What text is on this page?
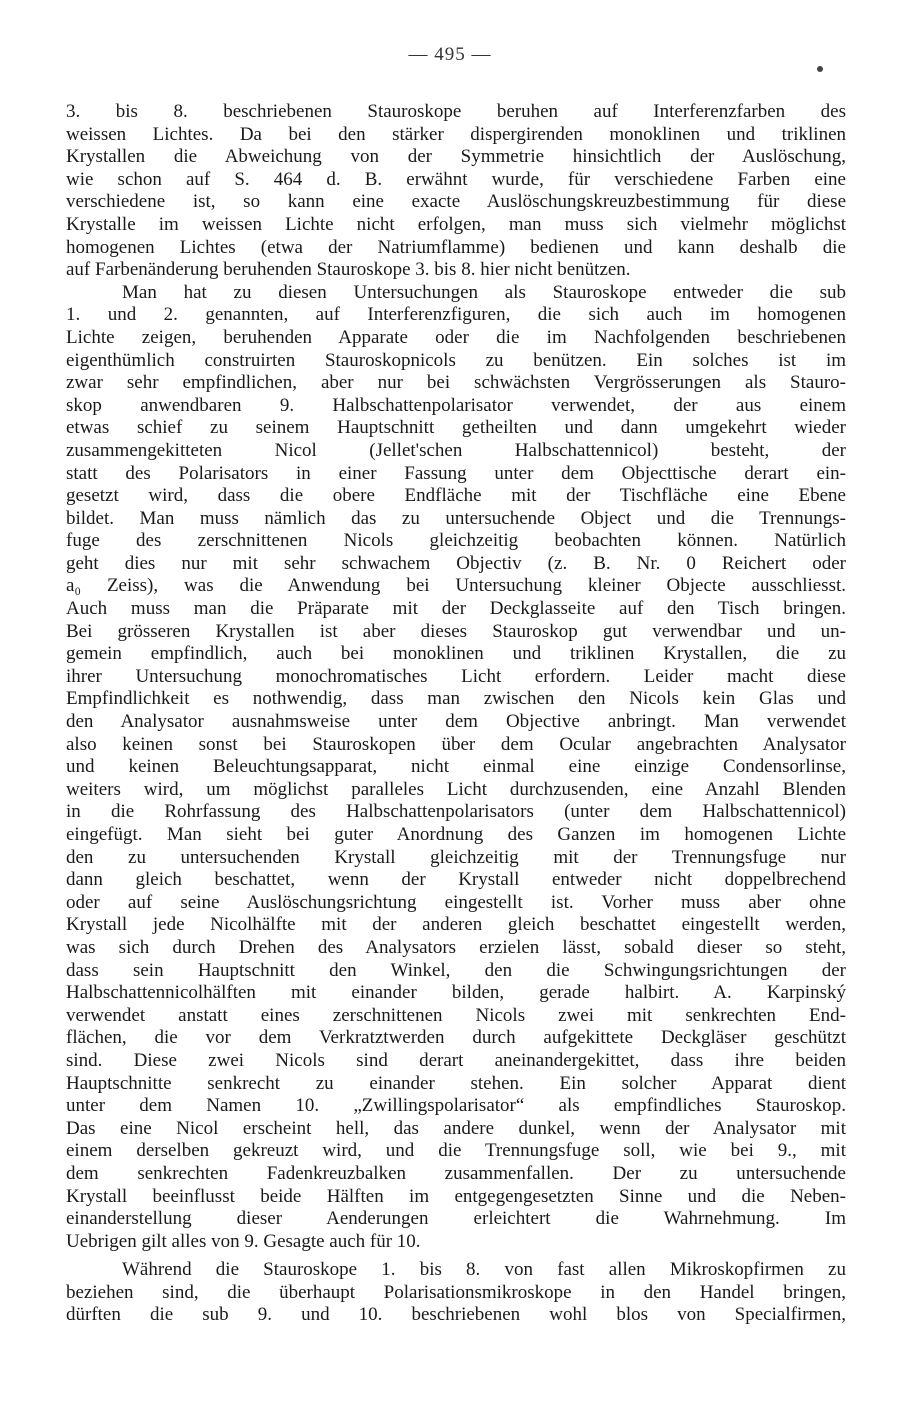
— 495 —
3. bis 8. beschriebenen Stauroskope beruhen auf Interferenzfarben des
weissen Lichtes. Da bei den stärker dispergirenden monoklinen und triklinen
Krystallen die Abweichung von der Symmetrie hinsichtlich der Auslöschung,
wie schon auf S. 464 d. B. erwähnt wurde, für verschiedene Farben eine
verschiedene ist, so kann eine exacte Auslöschungskreuzbestimmung für diese
Krystalle im weissen Lichte nicht erfolgen, man muss sich vielmehr möglichst
homogenen Lichtes (etwa der Natriumflamme) bedienen und kann deshalb die
auf Farbenänderung beruhenden Stauroskope 3. bis 8. hier nicht benützen.
Man hat zu diesen Untersuchungen als Stauroskope entweder die sub
1. und 2. genannten, auf Interferenzfiguren, die sich auch im homogenen
Lichte zeigen, beruhenden Apparate oder die im Nachfolgenden beschriebenen
eigenthümlich construirten Stauroskopnicols zu benützen. Ein solches ist im
zwar sehr empfindlichen, aber nur bei schwächsten Vergrösserungen als Stauro-
skop anwendbaren 9. Halbschattenpolarisator verwendet, der aus einem
etwas schief zu seinem Hauptschnitt getheilten und dann umgekehrt wieder
zusammengekitteten Nicol (Jellet'schen Halbschattennicol) besteht, der
statt des Polarisators in einer Fassung unter dem Objecttische derart ein-
gesetzt wird, dass die obere Endfläche mit der Tischfläche eine Ebene
bildet. Man muss nämlich das zu untersuchende Object und die Trennungs-
fuge des zerschnittenen Nicols gleichzeitig beobachten können. Natürlich
geht dies nur mit sehr schwachem Objectiv (z. B. Nr. 0 Reichert oder
a₀ Zeiss), was die Anwendung bei Untersuchung kleiner Objecte ausschliesst.
Auch muss man die Präparate mit der Deckglasseite auf den Tisch bringen.
Bei grösseren Krystallen ist aber dieses Stauroskop gut verwendbar und un-
gemein empfindlich, auch bei monoklinen und triklinen Krystallen, die zu
ihrer Untersuchung monochromatisches Licht erfordern. Leider macht diese
Empfindlichkeit es nothwendig, dass man zwischen den Nicols kein Glas und
den Analysator ausnahmsweise unter dem Objective anbringt. Man verwendet
also keinen sonst bei Stauroskopen über dem Ocular angebrachten Analysator
und keinen Beleuchtungsapparat, nicht einmal eine einzige Condensorlinse,
weiters wird, um möglichst paralleles Licht durchzusenden, eine Anzahl Blenden
in die Rohrfassung des Halbschattenpolarisators (unter dem Halbschattennicol)
eingefügt. Man sieht bei guter Anordnung des Ganzen im homogenen Lichte
den zu untersuchenden Krystall gleichzeitig mit der Trennungsfuge nur
dann gleich beschattet, wenn der Krystall entweder nicht doppelbrechend
oder auf seine Auslöschungsrichtung eingestellt ist. Vorher muss aber ohne
Krystall jede Nicolhälfte mit der anderen gleich beschattet eingestellt werden,
was sich durch Drehen des Analysators erzielen lässt, sobald dieser so steht,
dass sein Hauptschnitt den Winkel, den die Schwingungsrichtungen der
Halbschattennicolhälften mit einander bilden, gerade halbirt. A. Karpinský
verwendet anstatt eines zerschnittenen Nicols zwei mit senkrechten End-
flächen, die vor dem Verkratztwerden durch aufgekittete Deckgläser geschützt
sind. Diese zwei Nicols sind derart aneinandergekittet, dass ihre beiden
Hauptschnitte senkrecht zu einander stehen. Ein solcher Apparat dient
unter dem Namen 10. „Zwillingspolarisator“ als empfindliches Stauroskop.
Das eine Nicol erscheint hell, das andere dunkel, wenn der Analysator mit
einem derselben gekreuzt wird, und die Trennungsfuge soll, wie bei 9., mit
dem senkrechten Fadenkreuzbalken zusammenfallen. Der zu untersuchende
Krystall beeinflusst beide Hälften im entgegengesetzten Sinne und die Neben-
einanderstellung dieser Aenderungen erleichtert die Wahrnehmung. Im
Uebrigen gilt alles von 9. Gesagte auch für 10.
Während die Stauroskope 1. bis 8. von fast allen Mikroskopfirmen zu
beziehen sind, die überhaupt Polarisationsmikroskope in den Handel bringen,
dürften die sub 9. und 10. beschriebenen wohl blos von Specialfirmen,
